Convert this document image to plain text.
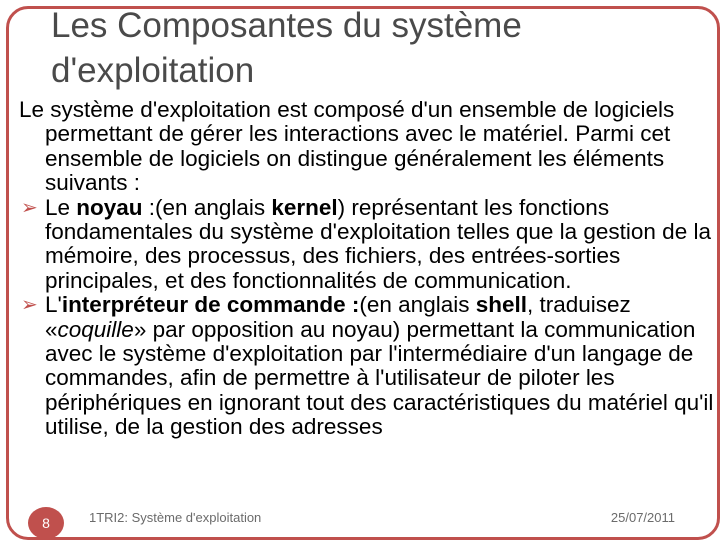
Les Composantes du système
d'exploitation

Le système d'exploitation est composé d'un ensemble de logiciels permettant de gérer les interactions avec le matériel. Parmi cet ensemble de logiciels on distingue généralement les éléments suivants :

➢ Le noyau :(en anglais kernel) représentant les fonctions fondamentales du système d'exploitation telles que la gestion de la mémoire, des processus, des fichiers, des entrées-sorties principales, et des fonctionnalités de communication.

➢ L'interpréteur de commande :(en anglais shell, traduisez «coquille» par opposition au noyau) permettant la communication avec le système d'exploitation par l'intermédiaire d'un langage de commandes, afin de permettre à l'utilisateur de piloter les périphériques en ignorant tout des caractéristiques du matériel qu'il utilise, de la gestion des adresses

8	1TRI2: Système d'exploitation	25/07/2011
